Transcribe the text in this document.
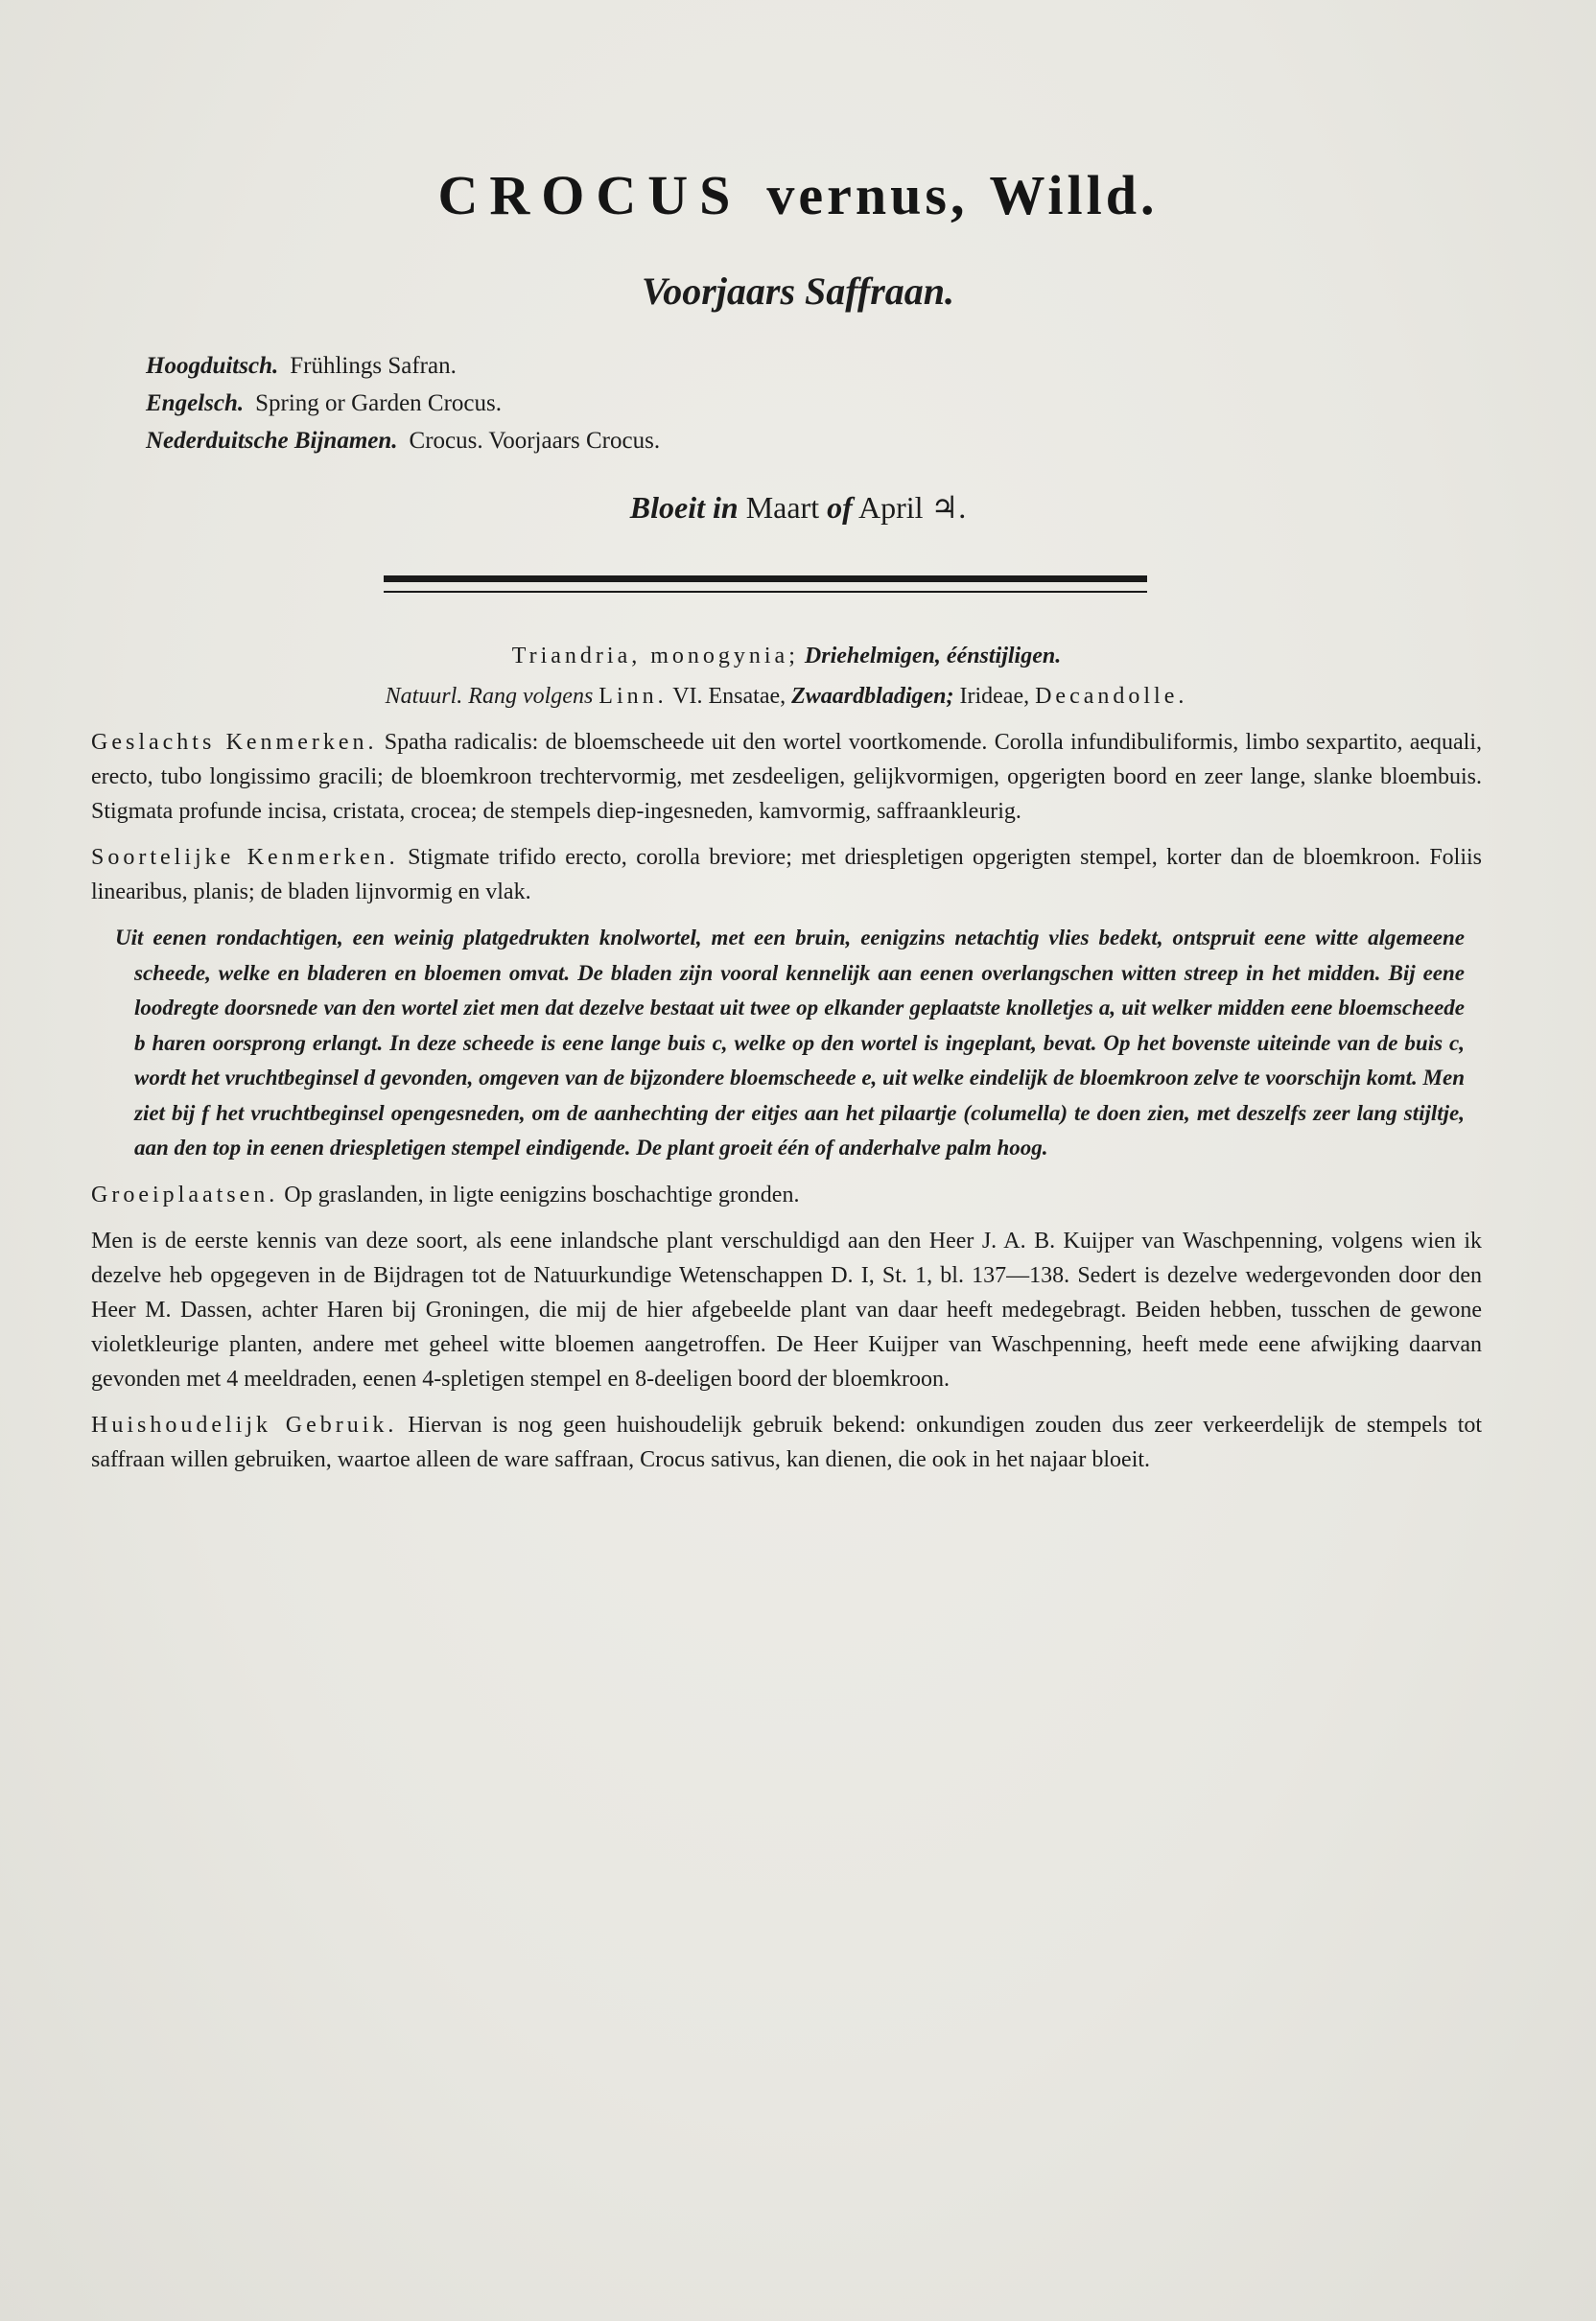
CROCUS vernus, Willd.
Voorjaars Saffraan.
Hoogduitsch. Frühlings Safran.
Engelsch. Spring or Garden Crocus.
Nederduitsche Bijnamen. Crocus. Voorjaars Crocus.
Bloeit in Maart of April ♃.

Triandria, monogynia; Driehelmigen, éénstijligen.

Natuurl. Rang volgens Linn. VI. Ensatae, Zwaardbladigen; Irideae, Decandolle.

Geslachts Kenmerken. Spatha radicalis: de bloemscheede uit den wortel voortkomende. Corolla infundibuliformis, limbo sexpartito, aequali, erecto, tubo longissimo gracili; de bloemkroon trechtervormig, met zesdeeligen, gelijkvormigen, opgerigten boord en zeer lange, slanke bloembuis. Stigmata profunde incisa, cristata, crocea; de stempels diep-ingesneden, kamvormig, saffraankleurig.

Soortelijke Kenmerken. Stigmate trifido erecto, corolla breviore; met driespletigen opgerigten stempel, korter dan de bloemkroon. Foliis linearibus, planis; de bladen lijnvormig en vlak.

Uit eenen rondachtigen, een weinig platgedrukten knolwortel, met een bruin, eenigzins netachtig vlies bedekt, ontspruit eene witte algemeene scheede, welke en bladeren en bloemen omvat. De bladen zijn vooral kennelijk aan eenen overlangschen witten streep in het midden. Bij eene loodregte doorsnede van den wortel ziet men dat dezelve bestaat uit twee op elkander geplaatste knolletjes a, uit welker midden eene bloemscheede b haren oorsprong erlangt. In deze scheede is eene lange buis c, welke op den wortel is ingeplant, bevat. Op het bovenste uiteinde van de buis c, wordt het vruchtbeginsel d gevonden, omgeven van de bijzondere bloemscheede e, uit welke eindelijk de bloemkroon zelve te voorschijn komt. Men ziet bij f het vruchtbeginsel opengesneden, om de aanhechting der eitjes aan het pilaartje (columella) te doen zien, met deszelfs zeer lang stijltje, aan den top in eenen driespletigen stempel eindigende. De plant groeit één of anderhalve palm hoog.

Groeiplaatsen. Op graslanden, in ligte eenigzins boschachtige gronden.

Men is de eerste kennis van deze soort, als eene inlandsche plant verschuldigd aan den Heer J. A. B. Kuijper van Waschpenning, volgens wien ik dezelve heb opgegeven in de Bijdragen tot de Natuurkundige Wetenschappen D. I, St. 1, bl. 137—138. Sedert is dezelve wedergevonden door den Heer M. Dassen, achter Haren bij Groningen, die mij de hier afgebeelde plant van daar heeft medegebragt. Beiden hebben, tusschen de gewone violetkleurige planten, andere met geheel witte bloemen aangetroffen. De Heer Kuijper van Waschpenning, heeft mede eene afwijking daarvan gevonden met 4 meeldraden, eenen 4-spletigen stempel en 8-deeligen boord der bloemkroon.

Huishoudelijk Gebruik. Hiervan is nog geen huishoudelijk gebruik bekend: onkundigen zouden dus zeer verkeerdelijk de stempels tot saffraan willen gebruiken, waartoe alleen de ware saffraan, Crocus sativus, kan dienen, die ook in het najaar bloeit.
